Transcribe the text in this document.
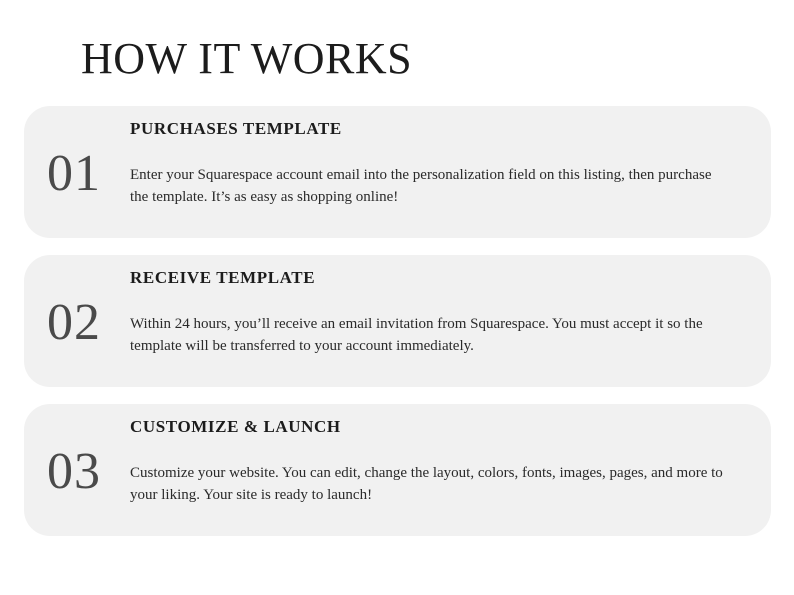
HOW IT WORKS
01
PURCHASES TEMPLATE

Enter your Squarespace account email into the personalization field on this listing, then purchase the template. It’s as easy as shopping online!

02
RECEIVE TEMPLATE

Within 24 hours, you’ll receive an email invitation from Squarespace. You must accept it so the template will be transferred to your account immediately.

03
CUSTOMIZE & LAUNCH

Customize your website. You can edit, change the layout, colors, fonts, images, pages, and more to your liking. Your site is ready to launch!
